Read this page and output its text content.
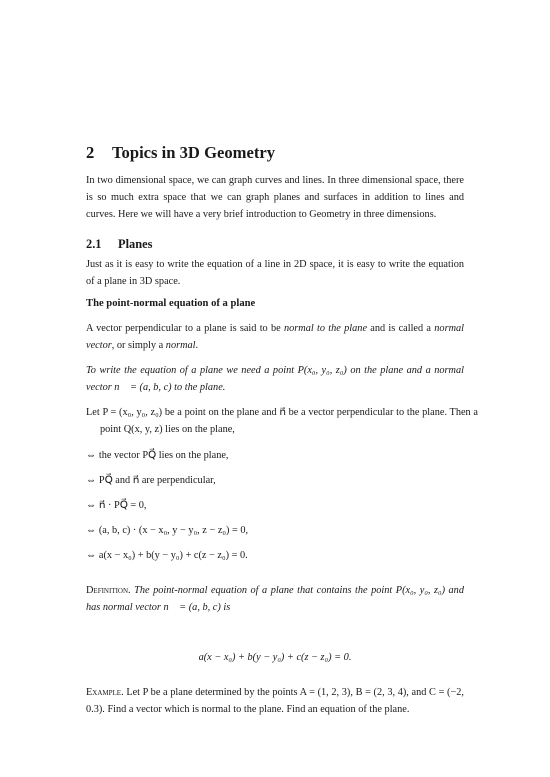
2 Topics in 3D Geometry

In two dimensional space, we can graph curves and lines. In three dimensional space, there is so much extra space that we can graph planes and surfaces in addition to lines and curves. Here we will have a very brief introduction to Geometry in three dimensions.

2.1 Planes

Just as it is easy to write the equation of a line in 2D space, it is easy to write the equation of a plane in 3D space.

The point-normal equation of a plane

A vector perpendicular to a plane is said to be normal to the plane and is called a normal vector, or simply a normal.

To write the equation of a plane we need a point P(x₀, y₀, z₀) on the plane and a normal vector n⃗ = (a, b, c) to the plane.

Let P = (x₀, y₀, z₀) be a point on the plane and n⃗ be a vector perpendicular to the plane. Then a point Q(x, y, z) lies on the plane,

⇔ the vector PQ⃗ lies on the plane,
⇔ PQ⃗ and n⃗ are perpendicular,
⇔ n⃗ · PQ⃗ = 0,
⇔ (a, b, c) · (x − x₀, y − y₀, z − z₀) = 0,
⇔ a(x − x₀) + b(y − y₀) + c(z − z₀) = 0.

Definition. The point-normal equation of a plane that contains the point P(x₀, y₀, z₀) and has normal vector n⃗ = (a, b, c) is

a(x − x₀) + b(y − y₀) + c(z − z₀) = 0.

Example. Let P be a plane determined by the points A = (1, 2, 3), B = (2, 3, 4), and C = (−2, 0.3). Find a vector which is normal to the plane. Find an equation of the plane.
